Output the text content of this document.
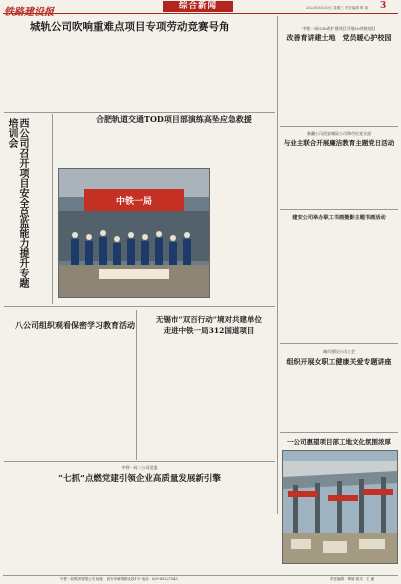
综合新闻	2023年8月30日 星期三 责任编辑 覃 斌 3
城轨公司吹响重难点项目专项劳动竞赛号角

西公司召开项目安全总监能力提升专题培训会
	合肥轨道交通TOD项目部演练高坠应急救援

中铁一局

八公司组织观看保密学习教育活动

无锡市“双百行动”境对共建单位
走进中铁一局312国道项目

中铁一局二公司党委
“七抓”点燃党建引领企业高质量发展新引擎

中铁一局G30改扩建项目开展10项规划目
改善育讲建土地　党员暖心护校园

新疆公司西安城际公司和市民党支部
与业主联合开展廉洁教育主题党日活动

建安公司举办职工书画摄影主题书画活动

城市建设公司工会
组织开展女职工健康关爱专题讲座

一公司惠望项目部工地文化氛围浓厚
中铁一局集团有限公司 地址：西安市雁塔路北段1号 电话：029-85227543	责任编辑：覃斌 版式：王 丽
